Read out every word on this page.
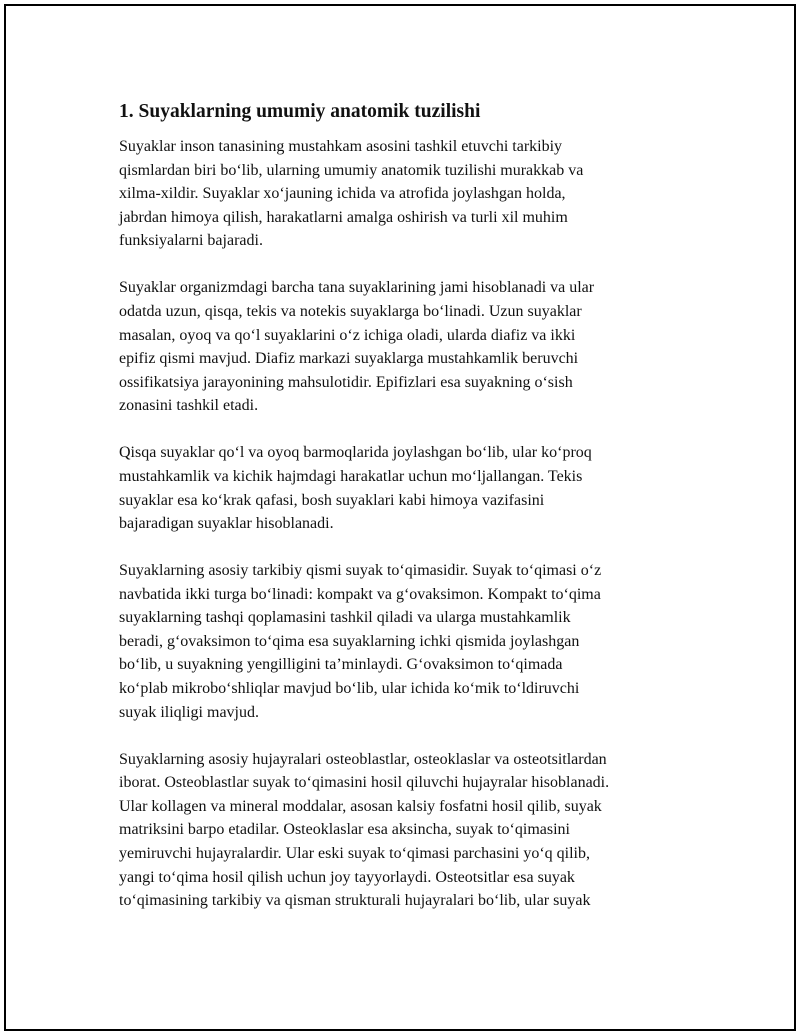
1. Suyaklarning umumiy anatomik tuzilishi

Suyaklar inson tanasining mustahkam asosini tashkil etuvchi tarkibiy
qismlardan biri boʻlib, ularning umumiy anatomik tuzilishi murakkab va
xilma-xildir. Suyaklar xoʻjauning ichida va atrofida joylashgan holda,
jabrdan himoya qilish, harakatlarni amalga oshirish va turli xil muhim
funksiyalarni bajaradi.

Suyaklar organizmdagi barcha tana suyaklarining jami hisoblanadi va ular
odatda uzun, qisqa, tekis va notekis suyaklarga boʻlinadi. Uzun suyaklar
masalan, oyoq va qoʻl suyaklarini oʻz ichiga oladi, ularda diafiz va ikki
epifiz qismi mavjud. Diafiz markazi suyaklarga mustahkamlik beruvchi
ossifikatsiya jarayonining mahsulotidir. Epifizlari esa suyakning oʻsish
zonasini tashkil etadi.

Qisqa suyaklar qoʻl va oyoq barmoqlarida joylashgan boʻlib, ular koʻproq
mustahkamlik va kichik hajmdagi harakatlar uchun moʻljallangan. Tekis
suyaklar esa koʻkrak qafasi, bosh suyaklari kabi himoya vazifasini
bajaradigan suyaklar hisoblanadi.

Suyaklarning asosiy tarkibiy qismi suyak toʻqimasidir. Suyak toʻqimasi oʻz
navbatida ikki turga boʻlinadi: kompakt va gʻovaksimon. Kompakt toʻqima
suyaklarning tashqi qoplamasini tashkil qiladi va ularga mustahkamlik
beradi, gʻovaksimon toʻqima esa suyaklarning ichki qismida joylashgan
boʻlib, u suyakning yengilligini taʼminlaydi. Gʻovaksimon toʻqimada
koʻplab mikroboʻshliqlar mavjud boʻlib, ular ichida koʻmik toʻldiruvchi
suyak iliqligi mavjud.

Suyaklarning asosiy hujayralari osteoblastlar, osteoklaslar va osteotsitlardan
iborat. Osteoblastlar suyak toʻqimasini hosil qiluvchi hujayralar hisoblanadi.
Ular kollagen va mineral moddalar, asosan kalsiy fosfatni hosil qilib, suyak
matriksini barpo etadilar. Osteoklaslar esa aksincha, suyak toʻqimasini
yemiruvchi hujayralardir. Ular eski suyak toʻqimasi parchasini yoʻq qilib,
yangi toʻqima hosil qilish uchun joy tayyorlaydi. Osteotsitlar esa suyak
toʻqimasining tarkibiy va qisman strukturali hujayralari boʻlib, ular suyak
